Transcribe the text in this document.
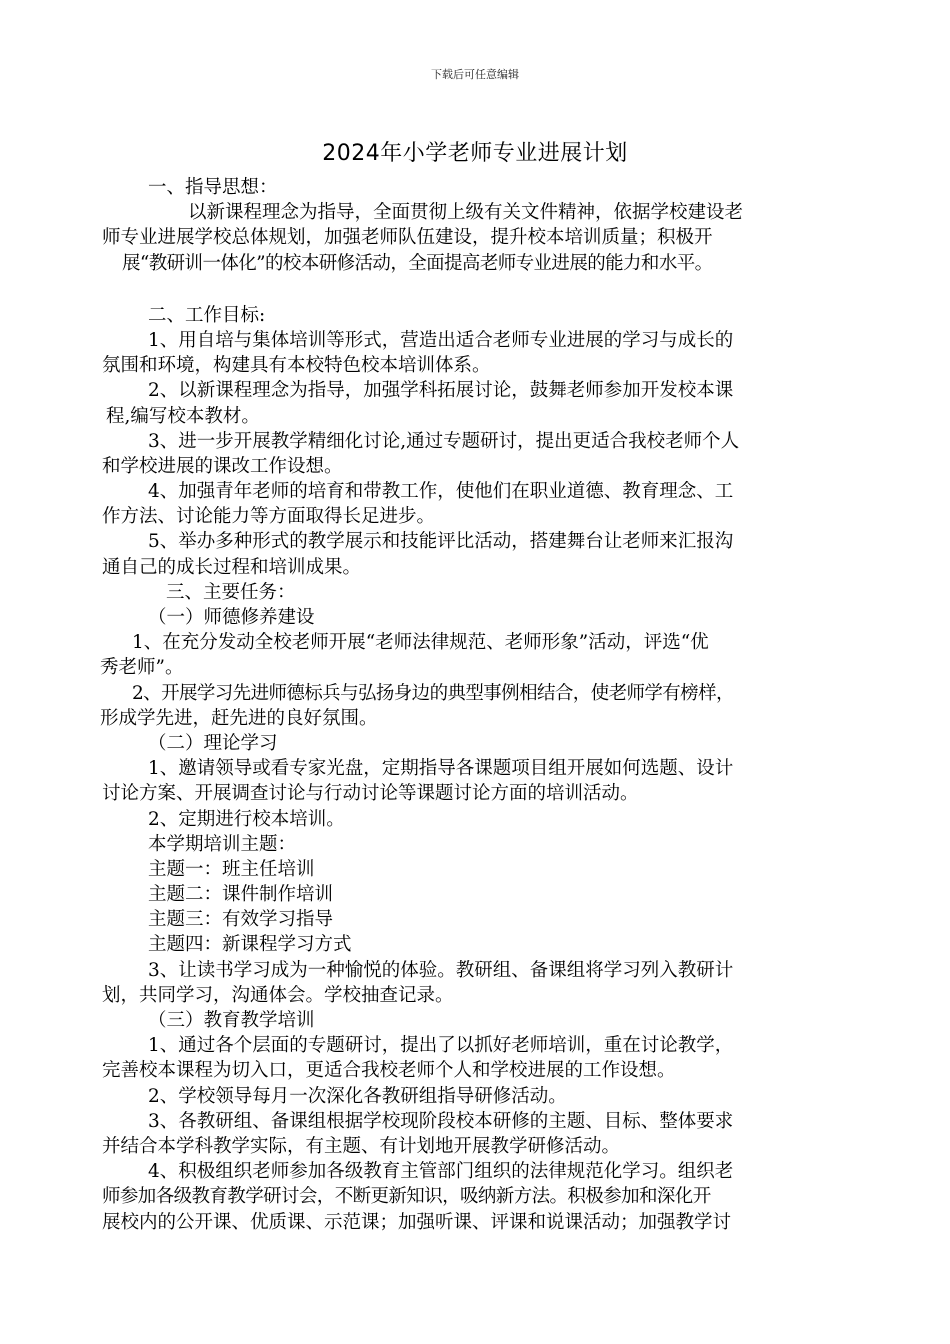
下载后可任意编辑
2024年小学老师专业进展计划
一、指导思想：
以新课程理念为指导，全面贯彻上级有关文件精神，依据学校建设老
师专业进展学校总体规划，加强老师队伍建设，提升校本培训质量；积极开
展“教研训一体化”的校本研修活动，全面提高老师专业进展的能力和水平。
二、工作目标:
1、用自培与集体培训等形式，营造出适合老师专业进展的学习与成长的
氛围和环境，构建具有本校特色校本培训体系。
2、以新课程理念为指导，加强学科拓展讨论，鼓舞老师参加开发校本课
程,编写校本教材。
3、进一步开展教学精细化讨论,通过专题研讨，提出更适合我校老师个人
和学校进展的课改工作设想。
4、加强青年老师的培育和带教工作，使他们在职业道德、教育理念、工
作方法、讨论能力等方面取得长足进步。
5、举办多种形式的教学展示和技能评比活动，搭建舞台让老师来汇报沟
通自己的成长过程和培训成果。
三、主要任务：
（一）师德修养建设
1、在充分发动全校老师开展“老师法律规范、老师形象”活动，评选“优
秀老师”。
2、开展学习先进师德标兵与弘扬身边的典型事例相结合，使老师学有榜样，
形成学先进，赶先进的良好氛围。
（二）理论学习
1、邀请领导或看专家光盘，定期指导各课题项目组开展如何选题、设计
讨论方案、开展调查讨论与行动讨论等课题讨论方面的培训活动。
2、定期进行校本培训。
本学期培训主题：
主题一：班主任培训
主题二：课件制作培训
主题三：有效学习指导
主题四：新课程学习方式
3、让读书学习成为一种愉悦的体验。教研组、备课组将学习列入教研计
划，共同学习，沟通体会。学校抽查记录。
（三）教育教学培训
1、通过各个层面的专题研讨，提出了以抓好老师培训，重在讨论教学，
完善校本课程为切入口，更适合我校老师个人和学校进展的工作设想。
2、学校领导每月一次深化各教研组指导研修活动。
3、各教研组、备课组根据学校现阶段校本研修的主题、目标、整体要求
并结合本学科教学实际，有主题、有计划地开展教学研修活动。
4、积极组织老师参加各级教育主管部门组织的法律规范化学习。组织老
师参加各级教育教学研讨会，不断更新知识，吸纳新方法。积极参加和深化开
展校内的公开课、优质课、示范课；加强听课、评课和说课活动；加强教学讨
